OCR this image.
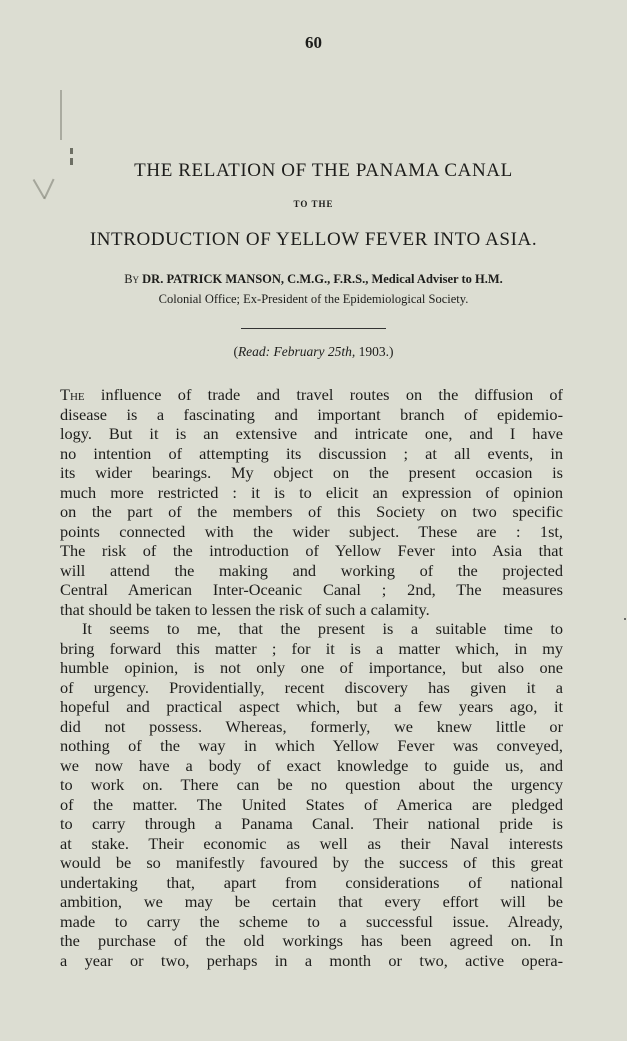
60
THE RELATION OF THE PANAMA CANAL
TO THE
INTRODUCTION OF YELLOW FEVER INTO ASIA.
By DR. PATRICK MANSON, C.M.G., F.R.S., Medical Adviser to H.M.
Colonial Office; Ex-President of the Epidemiological Society.
(Read: February 25th, 1903.)
The influence of trade and travel routes on the diffusion of
disease is a fascinating and important branch of epidemio-
logy. But it is an extensive and intricate one, and I have
no intention of attempting its discussion ; at all events, in
its wider bearings. My object on the present occasion is
much more restricted : it is to elicit an expression of opinion
on the part of the members of this Society on two specific
points connected with the wider subject. These are : 1st,
The risk of the introduction of Yellow Fever into Asia that
will attend the making and working of the projected
Central American Inter-Oceanic Canal ; 2nd, The measures
that should be taken to lessen the risk of such a calamity.
It seems to me, that the present is a suitable time to
bring forward this matter ; for it is a matter which, in my
humble opinion, is not only one of importance, but also one
of urgency. Providentially, recent discovery has given it a
hopeful and practical aspect which, but a few years ago, it
did not possess. Whereas, formerly, we knew little or
nothing of the way in which Yellow Fever was conveyed,
we now have a body of exact knowledge to guide us, and
to work on. There can be no question about the urgency
of the matter. The United States of America are pledged
to carry through a Panama Canal. Their national pride is
at stake. Their economic as well as their Naval interests
would be so manifestly favoured by the success of this great
undertaking that, apart from considerations of national
ambition, we may be certain that every effort will be
made to carry the scheme to a successful issue. Already,
the purchase of the old workings has been agreed on. In
a year or two, perhaps in a month or two, active opera-
